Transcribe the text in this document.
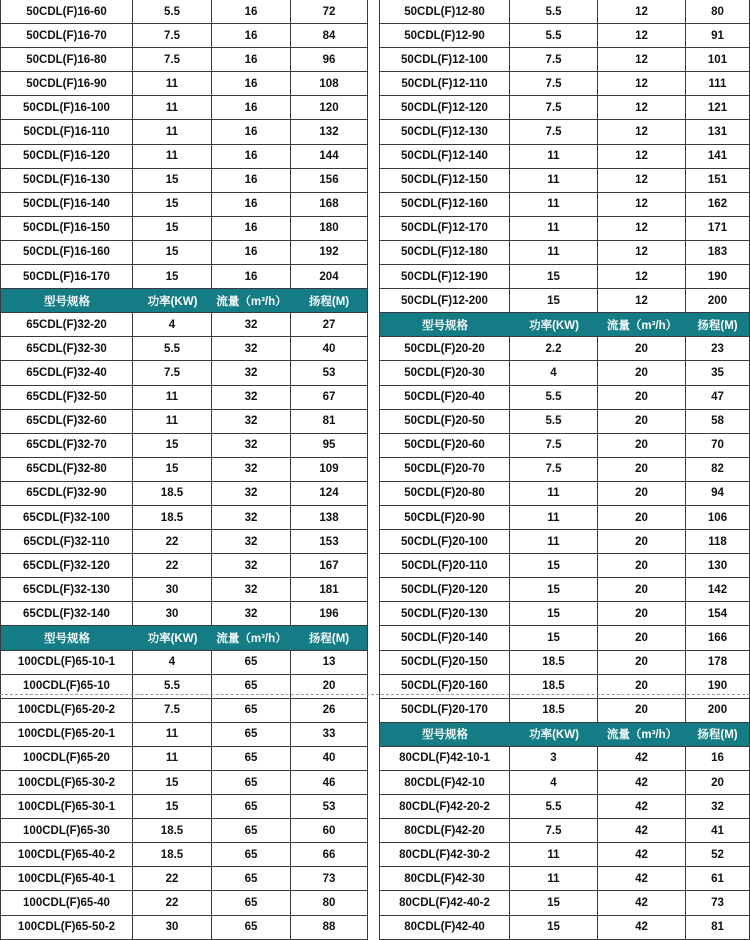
50CDL(F)16-60	5.5	16	72
50CDL(F)16-70	7.5	16	84
50CDL(F)16-80	7.5	16	96
50CDL(F)16-90	11	16	108
50CDL(F)16-100	11	16	120
50CDL(F)16-110	11	16	132
50CDL(F)16-120	11	16	144
50CDL(F)16-130	15	16	156
50CDL(F)16-140	15	16	168
50CDL(F)16-150	15	16	180
50CDL(F)16-160	15	16	192
50CDL(F)16-170	15	16	204
型号规格	功率(KW)	流量（m³/h）	扬程(M)
65CDL(F)32-20	4	32	27
65CDL(F)32-30	5.5	32	40
65CDL(F)32-40	7.5	32	53
65CDL(F)32-50	11	32	67
65CDL(F)32-60	11	32	81
65CDL(F)32-70	15	32	95
65CDL(F)32-80	15	32	109
65CDL(F)32-90	18.5	32	124
65CDL(F)32-100	18.5	32	138
65CDL(F)32-110	22	32	153
65CDL(F)32-120	22	32	167
65CDL(F)32-130	30	32	181
65CDL(F)32-140	30	32	196
型号规格	功率(KW)	流量（m³/h）	扬程(M)
100CDL(F)65-10-1	4	65	13
100CDL(F)65-10	5.5	65	20
100CDL(F)65-20-2	7.5	65	26
100CDL(F)65-20-1	11	65	33
100CDL(F)65-20	11	65	40
100CDL(F)65-30-2	15	65	46
100CDL(F)65-30-1	15	65	53
100CDL(F)65-30	18.5	65	60
100CDL(F)65-40-2	18.5	65	66
100CDL(F)65-40-1	22	65	73
100CDL(F)65-40	22	65	80
100CDL(F)65-50-2	30	65	88
50CDL(F)12-80	5.5	12	80
50CDL(F)12-90	5.5	12	91
50CDL(F)12-100	7.5	12	101
50CDL(F)12-110	7.5	12	111
50CDL(F)12-120	7.5	12	121
50CDL(F)12-130	7.5	12	131
50CDL(F)12-140	11	12	141
50CDL(F)12-150	11	12	151
50CDL(F)12-160	11	12	162
50CDL(F)12-170	11	12	171
50CDL(F)12-180	11	12	183
50CDL(F)12-190	15	12	190
50CDL(F)12-200	15	12	200
型号规格	功率(KW)	流量（m³/h）	扬程(M)
50CDL(F)20-20	2.2	20	23
50CDL(F)20-30	4	20	35
50CDL(F)20-40	5.5	20	47
50CDL(F)20-50	5.5	20	58
50CDL(F)20-60	7.5	20	70
50CDL(F)20-70	7.5	20	82
50CDL(F)20-80	11	20	94
50CDL(F)20-90	11	20	106
50CDL(F)20-100	11	20	118
50CDL(F)20-110	15	20	130
50CDL(F)20-120	15	20	142
50CDL(F)20-130	15	20	154
50CDL(F)20-140	15	20	166
50CDL(F)20-150	18.5	20	178
50CDL(F)20-160	18.5	20	190
50CDL(F)20-170	18.5	20	200
型号规格	功率(KW)	流量（m³/h）	扬程(M)
80CDL(F)42-10-1	3	42	16
80CDL(F)42-10	4	42	20
80CDL(F)42-20-2	5.5	42	32
80CDL(F)42-20	7.5	42	41
80CDL(F)42-30-2	11	42	52
80CDL(F)42-30	11	42	61
80CDL(F)42-40-2	15	42	73
80CDL(F)42-40	15	42	81
